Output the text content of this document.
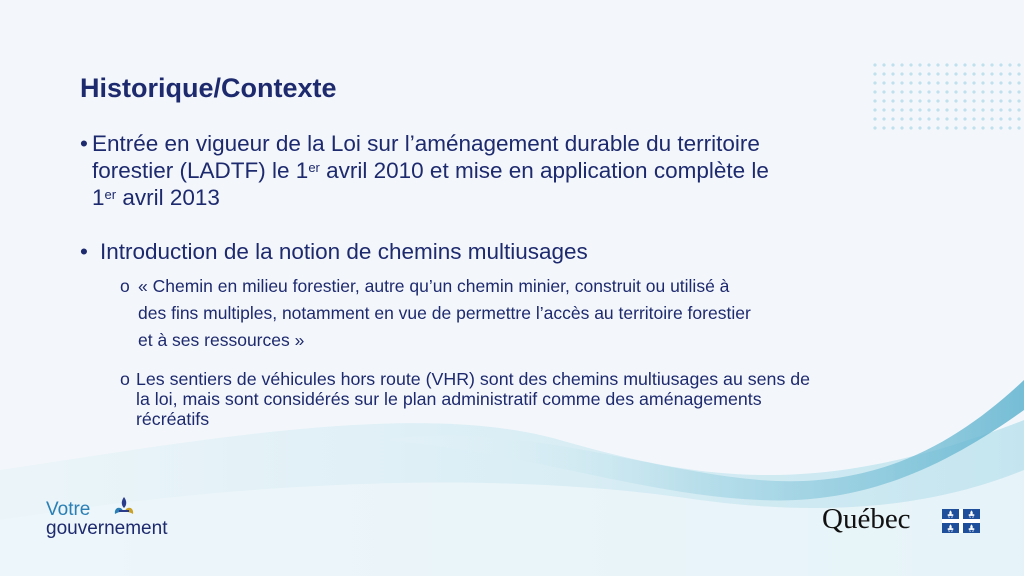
Historique/Contexte
• Entrée en vigueur de la Loi sur l’aménagement durable du territoire
forestier (LADTF) le 1er avril 2010 et mise en application complète le
1er avril 2013
• Introduction de la notion de chemins multiusages
o « Chemin en milieu forestier, autre qu’un chemin minier, construit ou utilisé à
des fins multiples, notamment en vue de permettre l’accès au territoire forestier
et à ses ressources »
o Les sentiers de véhicules hors route (VHR) sont des chemins multiusages au sens de
la loi, mais sont considérés sur le plan administratif comme des aménagements
récréatifs
Votre
gouvernement	Québec
